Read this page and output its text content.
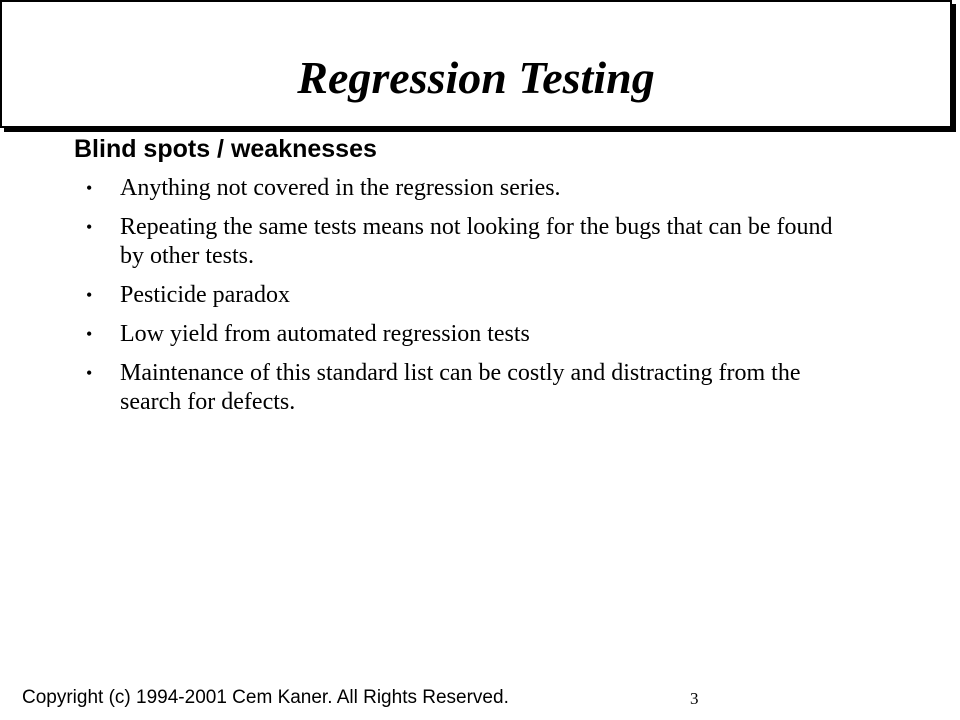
Regression Testing
Blind spots / weaknesses
• Anything not covered in the regression series.
• Repeating the same tests means not looking for the bugs that can be found by other tests.
• Pesticide paradox
• Low yield from automated regression tests
• Maintenance of this standard list can be costly and distracting from the search for defects.

Copyright (c) 1994-2001 Cem Kaner. All Rights Reserved.	3
